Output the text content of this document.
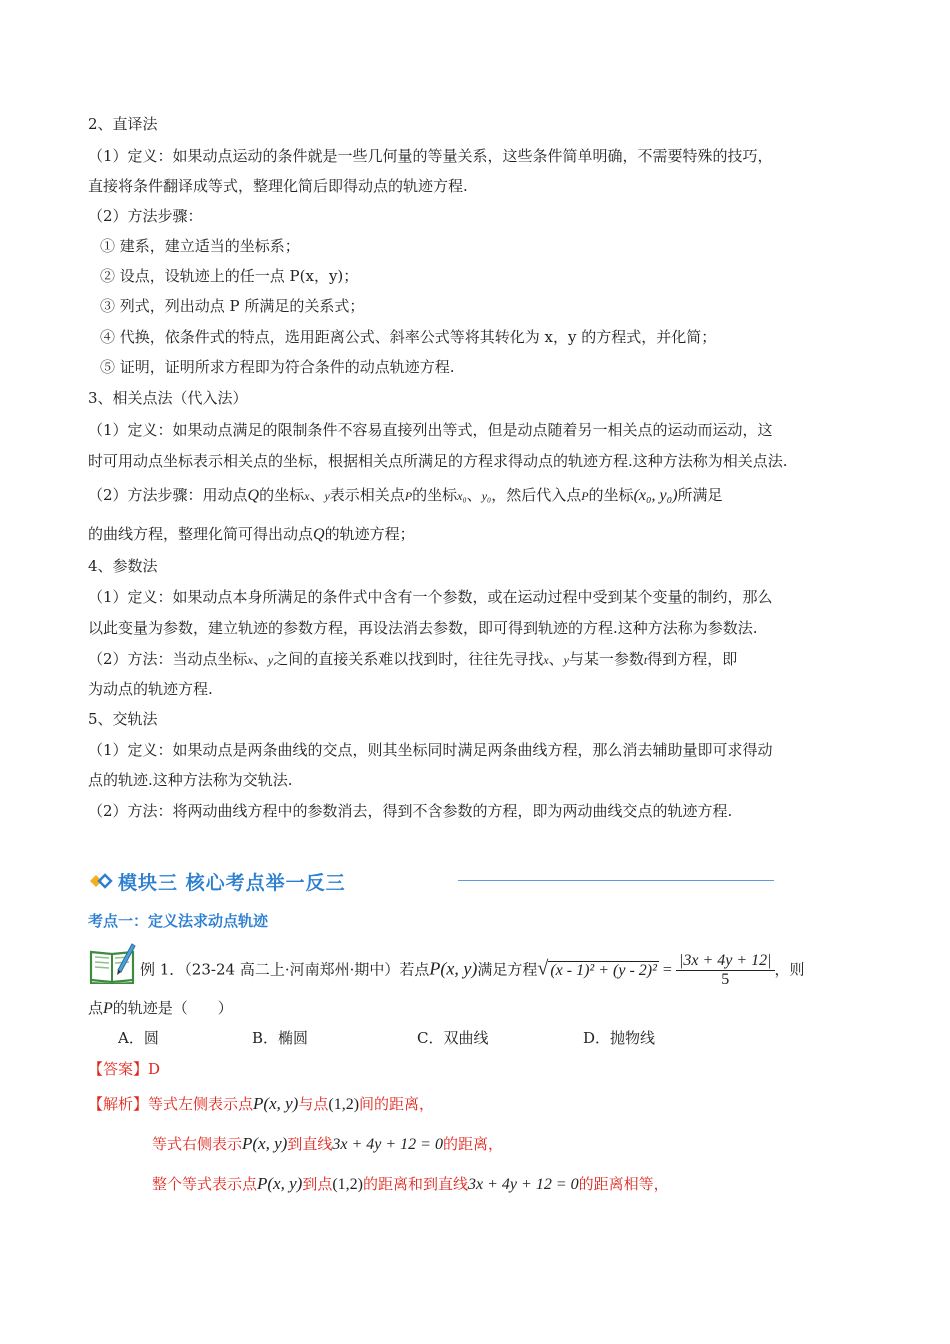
2、直译法
（1）定义：如果动点运动的条件就是一些几何量的等量关系，这些条件简单明确，不需要特殊的技巧，
直接将条件翻译成等式，整理化简后即得动点的轨迹方程.
（2）方法步骤：
① 建系，建立适当的坐标系；
② 设点，设轨迹上的任一点 P(x，y)；
③ 列式，列出动点 P 所满足的关系式；
④ 代换，依条件式的特点，选用距离公式、斜率公式等将其转化为 x，y 的方程式，并化简；
⑤ 证明，证明所求方程即为符合条件的动点轨迹方程.
3、相关点法（代入法）
（1）定义：如果动点满足的限制条件不容易直接列出等式，但是动点随着另一相关点的运动而运动，这
时可用动点坐标表示相关点的坐标，根据相关点所满足的方程求得动点的轨迹方程.这种方法称为相关点法.
（2）方法步骤：用动点Q的坐标x、y表示相关点P的坐标x₀、y₀，然后代入点P的坐标(x₀, y₀)所满足
的曲线方程，整理化简可得出动点Q的轨迹方程；
4、参数法
（1）定义：如果动点本身所满足的条件式中含有一个参数，或在运动过程中受到某个变量的制约，那么
以此变量为参数，建立轨迹的参数方程，再设法消去参数，即可得到轨迹的方程.这种方法称为参数法.
（2）方法：当动点坐标x、y之间的直接关系难以找到时，往往先寻找x、y与某一参数t得到方程，即
为动点的轨迹方程.
5、交轨法
（1）定义：如果动点是两条曲线的交点，则其坐标同时满足两条曲线方程，那么消去辅助量即可求得动
点的轨迹.这种方法称为交轨法.
（2）方法：将两动曲线方程中的参数消去，得到不含参数的方程，即为两动曲线交点的轨迹方程.
模块三 核心考点举一反三
考点一：定义法求动点轨迹
例 1．（23-24 高二上·河南郑州·期中）若点P(x, y)满足方程√ $(x - 1)^2 + (y - 2)^2 = \frac{|3x + 4y + 12|}{5}$ ，则
点P的轨迹是（　　）
A．圆	B．椭圆	C．双曲线	D．抛物线
【答案】D
【解析】等式左侧表示点P(x, y)与点(1,2)间的距离，
等式右侧表示P(x, y)到直线3x + 4y + 12 = 0的距离，
整个等式表示点P(x, y)到点(1,2)的距离和到直线3x + 4y + 12 = 0的距离相等，
